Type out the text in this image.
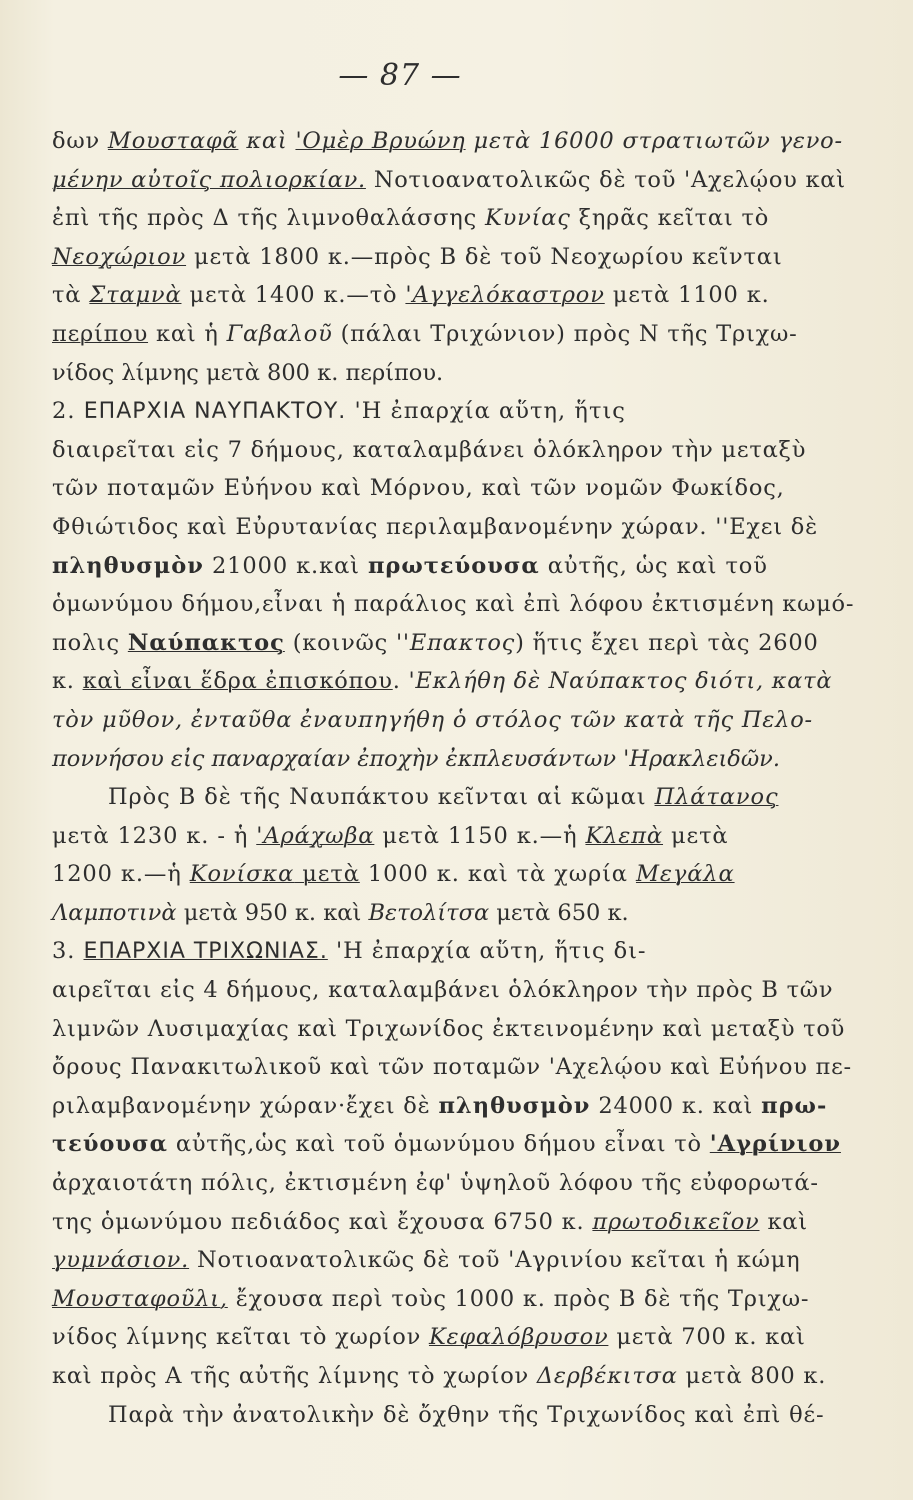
— 87 —
δων Μουσταφᾶ καὶ 'Ομὲρ Βρυώνη μετὰ 16000 στρατιωτῶν γενο-
μένην αὐτοῖς πολιορκίαν. Νοτιοανατολικῶς δὲ τοῦ 'Αχελῴου καὶ
ἐπὶ τῆς πρὸς Δ τῆς λιμνοθαλάσσης Κυνίας ξηρᾶς κεῖται τὸ
Νεοχώριον μετὰ 1800 κ.—πρὸς Β δὲ τοῦ Νεοχωρίου κεῖνται
τὰ Σταμνὰ μετὰ 1400 κ.—τὸ 'Αγγελόκαστρον μετὰ 1100 κ.
περίπου καὶ ἡ Γαβαλοῦ (πάλαι Τριχώνιον) πρὸς Ν τῆς Τριχω-
νίδος λίμνης μετὰ 800 κ. περίπου.
2. ΕΠΑΡΧΙΑ ΝΑΥΠΑΚΤΟΥ. 'Η ἐπαρχία αὕτη, ἥτις
διαιρεῖται εἰς 7 δήμους, καταλαμβάνει ὁλόκληρον τὴν μεταξὺ
τῶν ποταμῶν Εὐήνου καὶ Μόρνου, καὶ τῶν νομῶν Φωκίδος,
Φθιώτιδος καὶ Εὐρυτανίας περιλαμβανομένην χώραν. ''Εχει δὲ
πληθυσμὸν 21000 κ.καὶ πρωτεύουσα αὐτῆς, ὡς καὶ τοῦ
ὁμωνύμου δήμου,εἶναι ἡ παράλιος καὶ ἐπὶ λόφου ἐκτισμένη κωμό-
πολις Ναύπακτος (κοινῶς ''Επακτος) ἥτις ἔχει περὶ τὰς 2600
κ. καὶ εἶναι ἕδρα ἐπισκόπου. 'Εκλήθη δὲ Ναύπακτος διότι, κατὰ
τὸν μῦθον, ἐνταῦθα ἐναυπηγήθη ὁ στόλος τῶν κατὰ τῆς Πελο-
ποννήσου εἰς παναρχαίαν ἐποχὴν ἐκπλευσάντων 'Ηρακλειδῶν.
Πρὸς Β δὲ τῆς Ναυπάκτου κεῖνται αἱ κῶμαι Πλάτανος
μετὰ 1230 κ. - ἡ 'Αράχωβα μετὰ 1150 κ.—ἡ Κλεπὰ μετὰ
1200 κ.—ἡ Κονίσκα μετὰ 1000 κ. καὶ τὰ χωρία Μεγάλα
Λαμποτινὰ μετὰ 950 κ. καὶ Βετολίτσα μετὰ 650 κ.
3. ΕΠΑΡΧΙΑ ΤΡΙΧΩΝΙΑΣ. 'Η ἐπαρχία αὕτη, ἥτις δι-
αιρεῖται εἰς 4 δήμους, καταλαμβάνει ὁλόκληρον τὴν πρὸς Β τῶν
λιμνῶν Λυσιμαχίας καὶ Τριχωνίδος ἐκτεινομένην καὶ μεταξὺ τοῦ
ὄρους Πανακιτωλικοῦ καὶ τῶν ποταμῶν 'Αχελῴου καὶ Εὐήνου πε-
ριλαμβανομένην χώραν·ἔχει δὲ πληθυσμὸν 24000 κ. καὶ πρω-
τεύουσα αὐτῆς,ὡς καὶ τοῦ ὁμωνύμου δήμου εἶναι τὸ 'Αγρίνιον
ἀρχαιοτάτη πόλις, ἐκτισμένη ἐφ' ὑψηλοῦ λόφου τῆς εὐφορωτά-
της ὁμωνύμου πεδιάδος καὶ ἔχουσα 6750 κ. πρωτοδικεῖον καὶ
γυμνάσιον. Νοτιοανατολικῶς δὲ τοῦ 'Αγρινίου κεῖται ἡ κώμη
Μουσταφοῦλι, ἔχουσα περὶ τοὺς 1000 κ. πρὸς Β δὲ τῆς Τριχω-
νίδος λίμνης κεῖται τὸ χωρίον Κεφαλόβρυσον μετὰ 700 κ. καὶ
καὶ πρὸς Α τῆς αὐτῆς λίμνης τὸ χωρίον Δερβέκιτσα μετὰ 800 κ.
Παρὰ τὴν ἀνατολικὴν δὲ ὄχθην τῆς Τριχωνίδος καὶ ἐπὶ θέ-
